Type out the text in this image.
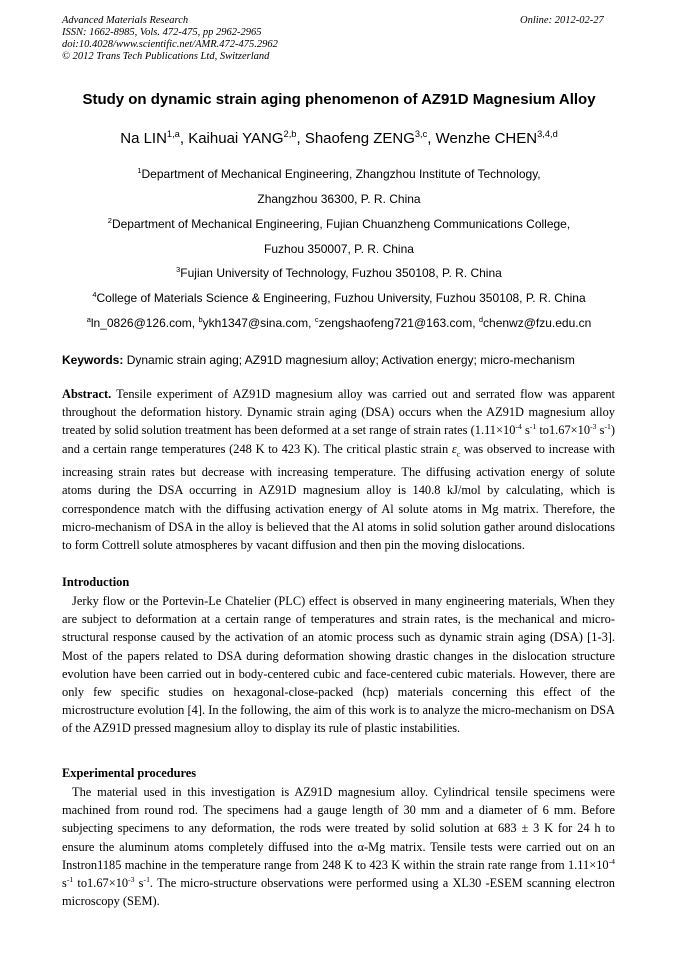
Advanced Materials Research
ISSN: 1662-8985, Vols. 472-475, pp 2962-2965
doi:10.4028/www.scientific.net/AMR.472-475.2962
© 2012 Trans Tech Publications Ltd, Switzerland
Online: 2012-02-27
Study on dynamic strain aging phenomenon of AZ91D Magnesium Alloy
Na LIN$^{1,a}$, Kaihuai YANG$^{2,b}$, Shaofeng ZENG$^{3,c}$, Wenzhe CHEN$^{3,4,d}$
$^1$Department of Mechanical Engineering, Zhangzhou Institute of Technology,
Zhangzhou 36300, P. R. China
$^2$Department of Mechanical Engineering, Fujian Chuanzheng Communications College,
Fuzhou 350007, P. R. China
$^3$Fujian University of Technology, Fuzhou 350108, P. R. China
$^4$College of Materials Science & Engineering, Fuzhou University, Fuzhou 350108, P. R. China
$^a$ln_0826@126.com, $^b$ykh1347@sina.com, $^c$zengshaofeng721@163.com, $^d$chenwz@fzu.edu.cn
Keywords: Dynamic strain aging; AZ91D magnesium alloy; Activation energy; micro-mechanism
Abstract. Tensile experiment of AZ91D magnesium alloy was carried out and serrated flow was apparent throughout the deformation history. Dynamic strain aging (DSA) occurs when the AZ91D magnesium alloy treated by solid solution treatment has been deformed at a set range of strain rates ($1.11\times 10^{-4}$ $s^{-1}$ $to1.67\times 10^{-3}$ $s^{-1}$) and a certain range temperatures (248 K to 423 K). The critical plastic strain $\varepsilon_c$ was observed to increase with increasing strain rates but decrease with increasing temperature. The diffusing activation energy of solute atoms during the DSA occurring in AZ91D magnesium alloy is 140.8 kJ/mol by calculating, which is correspondence match with the diffusing activation energy of Al solute atoms in Mg matrix. Therefore, the micro-mechanism of DSA in the alloy is believed that the Al atoms in solid solution gather around dislocations to form Cottrell solute atmospheres by vacant diffusion and then pin the moving dislocations.
Introduction
Jerky flow or the Portevin-Le Chatelier (PLC) effect is observed in many engineering materials, When they are subject to deformation at a certain range of temperatures and strain rates, is the mechanical and micro-structural response caused by the activation of an atomic process such as dynamic strain aging (DSA) [1-3]. Most of the papers related to DSA during deformation showing drastic changes in the dislocation structure evolution have been carried out in body-centered cubic and face-centered cubic materials. However, there are only few specific studies on hexagonal-close-packed (hcp) materials concerning this effect of the microstructure evolution [4]. In the following, the aim of this work is to analyze the micro-mechanism on DSA of the AZ91D pressed magnesium alloy to display its rule of plastic instabilities.
Experimental procedures
The material used in this investigation is AZ91D magnesium alloy. Cylindrical tensile specimens were machined from round rod. The specimens had a gauge length of 30 mm and a diameter of 6 mm. Before subjecting specimens to any deformation, the rods were treated by solid solution at 683 ± 3 K for 24 h to ensure the aluminum atoms completely diffused into the α-Mg matrix. Tensile tests were carried out on an Instron1185 machine in the temperature range from 248 K to 423 K within the strain rate range from $1.11\times 10^{-4}$ $s^{-1}$ $to1.67\times 10^{-3}$ $s^{-1}$. The micro-structure observations were performed using a XL30 -ESEM scanning electron microscopy (SEM).
